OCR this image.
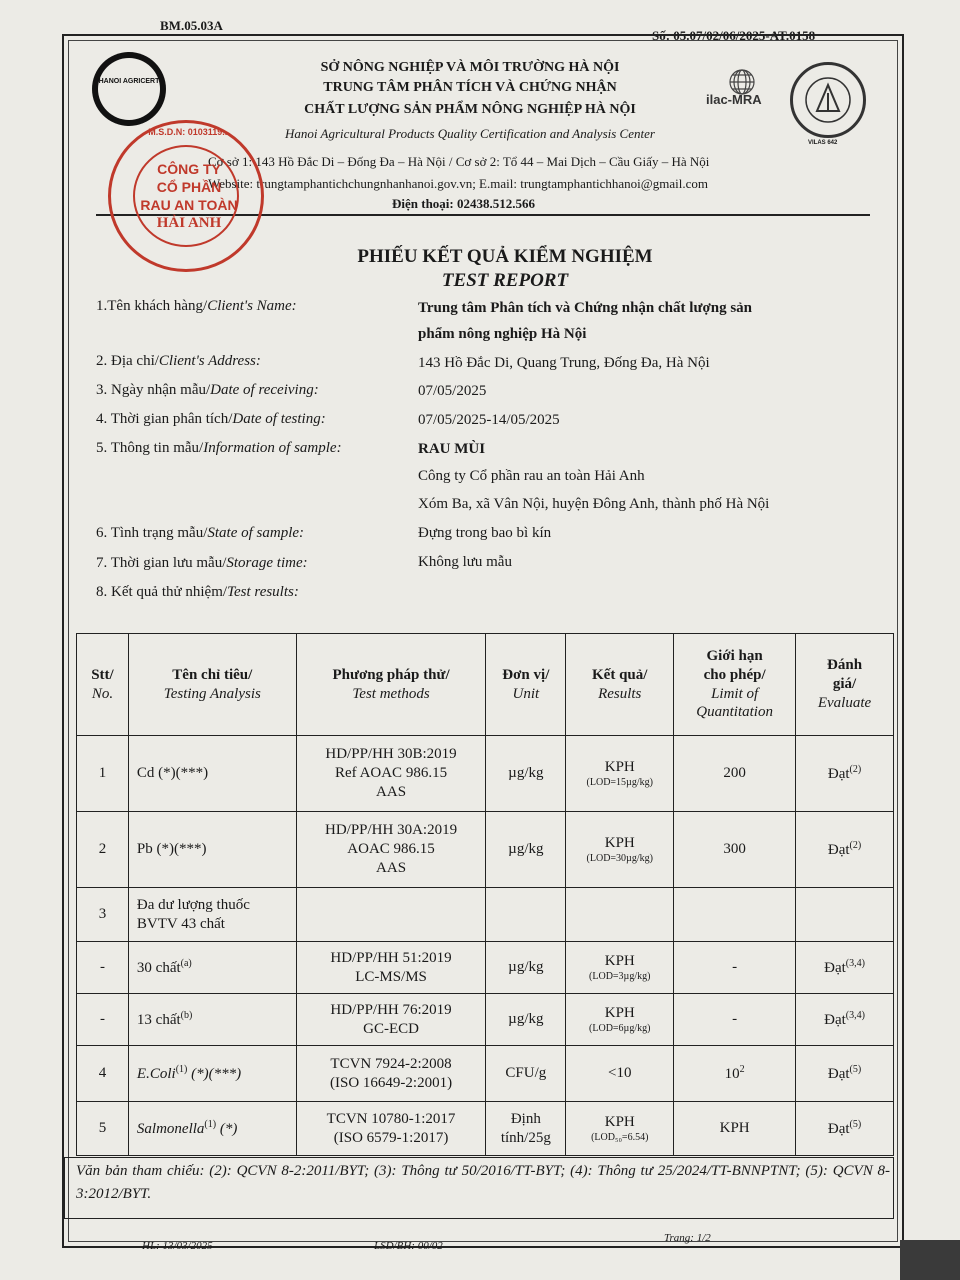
BM.05.03A
Số: 05.07/02/06/2025-AT.0158
HANOI AGRICERT
SỞ NÔNG NGHIỆP VÀ MÔI TRƯỜNG HÀ NỘI
TRUNG TÂM PHÂN TÍCH VÀ CHỨNG NHẬN
CHẤT LƯỢNG SẢN PHẨM NÔNG NGHIỆP HÀ NỘI
Hanoi Agricultural Products Quality Certification and Analysis Center
Cơ sở 1: 143 Hồ Đắc Di – Đống Đa – Hà Nội / Cơ sở 2: Tổ 44 – Mai Dịch – Cầu Giấy – Hà Nội
Website: trungtamphantichchungnhanhanoi.gov.vn; E.mail: trungtamphantichhanoi@gmail.com
Điện thoại: 02438.512.566
ilac-MRA
VILAS 642
M.S.D.N: 0103119...
CÔNG TY
CỔ PHẦN
RAU AN TOÀN
HẢI ANH
PHIẾU KẾT QUẢ KIỂM NGHIỆM
TEST REPORT
1.Tên khách hàng/Client's Name:	Trung tâm Phân tích và Chứng nhận chất lượng sản
phẩm nông nghiệp Hà Nội
2. Địa chỉ/Client's Address:	143 Hồ Đắc Di, Quang Trung, Đống Đa, Hà Nội
3. Ngày nhận mẫu/Date of receiving:	07/05/2025
4. Thời gian phân tích/Date of testing:	07/05/2025-14/05/2025
5. Thông tin mẫu/Information of sample:	RAU MÙI
Công ty Cổ phần rau an toàn Hải Anh
Xóm Ba, xã Vân Nội, huyện Đông Anh, thành phố Hà Nội
6. Tình trạng mẫu/State of sample:	Đựng trong bao bì kín
7. Thời gian lưu mẫu/Storage time:	Không lưu mẫu
8. Kết quả thử nhiệm/Test results:
Stt/
No.	Tên chỉ tiêu/
Testing Analysis	Phương pháp thử/
Test methods	Đơn vị/
Unit	Kết quả/
Results	Giới hạn
cho phép/
Limit of
Quantitation	Đánh
giá/
Evaluate

1	Cd (*)(***)	HD/PP/HH 30B:2019
Ref AOAC 986.15
AAS	µg/kg	KPH
(LOD=15µg/kg)	200	Đạt$^{(2)}$
2	Pb (*)(***)	HD/PP/HH 30A:2019
AOAC 986.15
AAS	µg/kg	KPH
(LOD=30µg/kg)	300	Đạt$^{(2)}$
3	Đa dư lượng thuốc
BVTV 43 chất					

-	30 chất$^{(a)}$	HD/PP/HH 51:2019
LC-MS/MS	µg/kg	KPH
(LOD=3µg/kg)	-	Đạt$^{(3,4)}$
-	13 chất$^{(b)}$	HD/PP/HH 76:2019
GC-ECD	µg/kg	KPH
(LOD=6µg/kg)	-	Đạt$^{(3,4)}$
4	E.Coli$^{(1)}$ (*)(***)	TCVN 7924-2:2008
(ISO 16649-2:2001)	CFU/g	<10	$10^2$	Đạt$^{(5)}$
5	Salmonella$^{(1)}$ (*)	TCVN 10780-1:2017
(ISO 6579-1:2017)	Định
tính/25g	KPH
(LOD₅₀=6.54)	KPH	Đạt$^{(5)}$
Văn bản tham chiếu: (2): QCVN 8-2:2011/BYT; (3): Thông tư 50/2016/TT-BYT; (4): Thông tư 25/2024/TT-BNNPTNT; (5): QCVN 8-3:2012/BYT.
HL: 13/03/2025	LSD/BH: 00/02
Trang: 1/2
